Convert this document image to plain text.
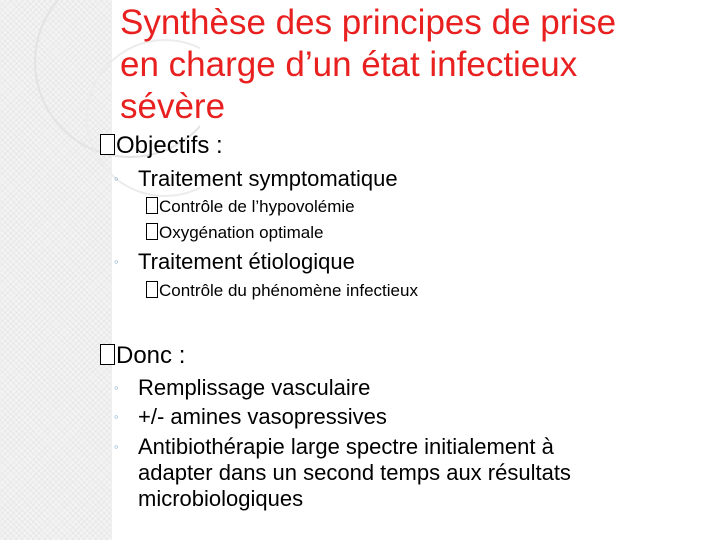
Synthèse des principes de prise
en charge d’un état infectieux
sévère
Objectifs :
◦ Traitement symptomatique
Contrôle de l’hypovolémie
Oxygénation optimale
◦ Traitement étiologique
Contrôle du phénomène infectieux
Donc :
◦ Remplissage vasculaire
◦ +/- amines vasopressives
◦ Antibiothérapie large spectre initialement à
adapter dans un second temps aux résultats
microbiologiques
